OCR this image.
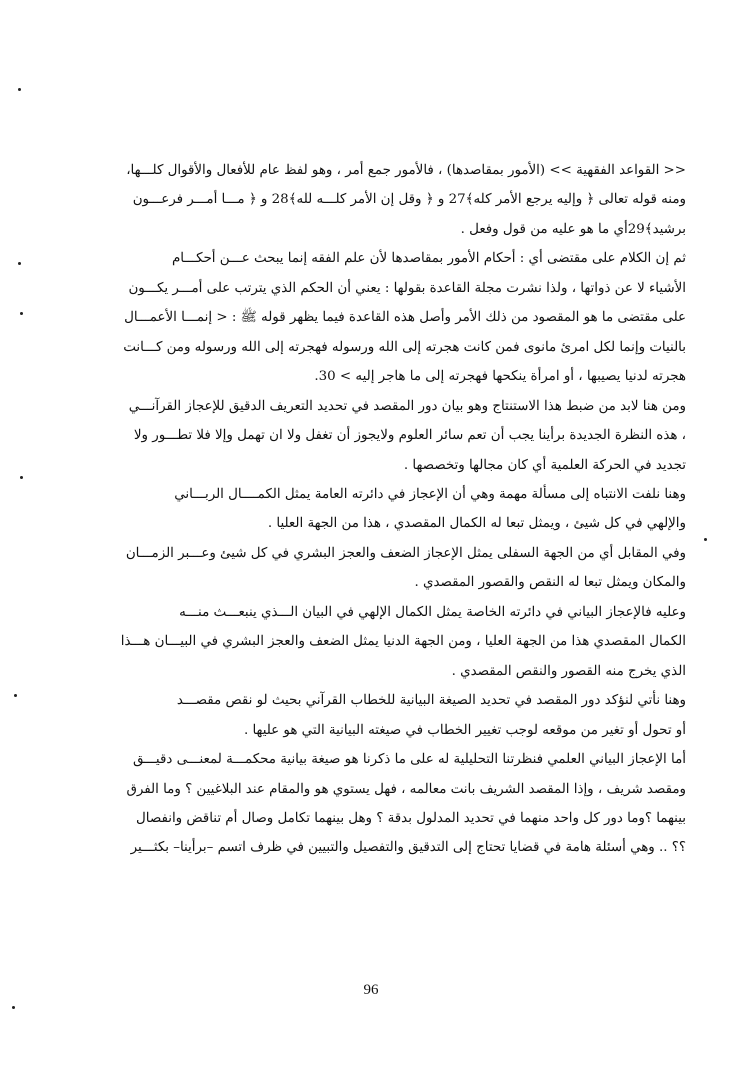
<< القواعد الفقهية >> (الأمور بمقاصدها) ، فالأمور جمع أمر ، وهو لفظ عام للأفعال والأقوال كلـــها،
ومنه قوله تعالى ﴿ وإليه يرجع الأمر كله﴾27 و ﴿ وقل إن الأمر كلـــه لله﴾28 و ﴿ مـــا أمـــر فرعـــون
برشيد﴾29أي ما هو عليه من قول وفعل .
ثم إن الكلام على مقتضى أي : أحكام الأمور بمقاصدها لأن علم الفقه إنما يبحث عـــن أحكـــام
الأشياء لا عن ذواتها ، ولذا نشرت مجلة القاعدة بقولها : يعني أن الحكم الذي يترتب على أمـــر يكـــون
على مقتضى ما هو المقصود من ذلك الأمر وأصل هذه القاعدة فيما يظهر قوله ﷺ : < إنمـــا الأعمـــال
بالنيات وإنما لكل امرئ مانوى فمن كانت هجرته إلى الله ورسوله فهجرته إلى الله ورسوله ومن كـــانت
هجرته لدنيا يصيبها ، أو امرأة ينكحها فهجرته إلى ما هاجر إليه > 30.
ومن هنا لابد من ضبط هذا الاستنتاج وهو بيان دور المقصد في تحديد التعريف الدقيق للإعجاز القرآنـــي
، هذه النظرة الجديدة برأينا يجب أن تعم سائر العلوم ولايجوز أن تغفل ولا ان تهمل وإلا فلا تطـــور ولا
تجديد في الحركة العلمية أي كان مجالها وتخصصها .
وهنا نلفت الانتباه إلى مسألة مهمة وهي أن الإعجاز في دائرته العامة يمثل الكمــــال الربـــاني
والإلهي في كل شيئ ، ويمثل تبعا له الكمال المقصدي ، هذا من الجهة العليا .
وفي المقابل أي من الجهة السفلى يمثل الإعجاز الضعف والعجز البشري في كل شيئ وعـــبر الزمـــان
والمكان ويمثل تبعا له النقص والقصور المقصدي .
وعليه فالإعجاز البياني في دائرته الخاصة يمثل الكمال الإلهي في البيان الـــذي ينبعـــث منـــه
الكمال المقصدي هذا من الجهة العليا ، ومن الجهة الدنيا يمثل الضعف والعجز البشري في البيـــان هـــذا
الذي يخرج منه القصور والنقص المقصدي .
وهنا نأتي لنؤكد دور المقصد في تحديد الصيغة البيانية للخطاب القرآني بحيث لو نقص مقصـــد
أو تحول أو تغير من موقعه لوجب تغيير الخطاب في صيغته البيانية التي هو عليها .
أما الإعجاز البياني العلمي فنظرتنا التحليلية له على ما ذكرنا هو صيغة بيانية محكمـــة لمعنـــى دقيـــق
ومقصد شريف ، وإذا المقصد الشريف بانت معالمه ، فهل يستوي هو والمقام عند البلاغيين ؟ وما الفرق
بينهما ؟وما دور كل واحد منهما في تحديد المدلول بدقة ؟ وهل بينهما تكامل وصال أم تناقض وانفصال
؟؟ .. وهي أسئلة هامة في قضايا تحتاج إلى التدقيق والتفصيل والتبيين في ظرف اتسم –برأينا– بكثـــير
96
